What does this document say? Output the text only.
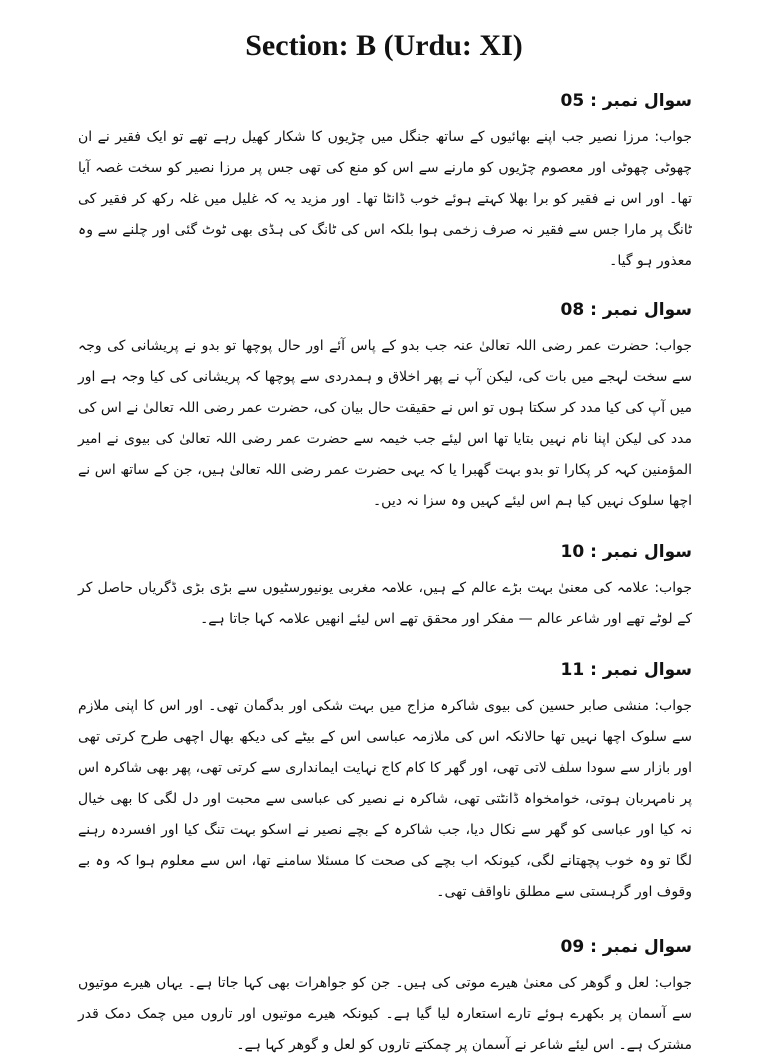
Section: B (Urdu: XI)

سوال نمبر : 05

جواب: مرزا نصیر جب اپنے بھائیوں کے ساتھ جنگل میں چڑیوں کا شکار کھیل رہے تھے تو ایک فقیر نے ان چھوٹی چھوٹی اور معصوم چڑیوں کو مارنے سے اس کو منع کی تھی جس پر مرزا نصیر کو سخت غصہ آیا تھا۔ اور اس نے فقیر کو برا بھلا کہتے ہوئے خوب ڈانٹا تھا۔ اور مزید یہ کہ غلیل میں غلہ رکھ کر فقیر کی ٹانگ پر مارا جس سے فقیر نہ صرف زخمی ہوا بلکہ اس کی ٹانگ کی ہڈی بھی ٹوٹ گئی اور چلنے سے وہ معذور ہو گیا۔

سوال نمبر : 08

جواب: حضرت عمر رضی اللہ تعالیٰ عنہ جب بدو کے پاس آئے اور حال پوچھا تو بدو نے پریشانی کی وجہ سے سخت لہجے میں بات کی، لیکن آپ نے پھر اخلاق و ہمدردی سے پوچھا کہ پریشانی کی کیا وجہ ہے اور میں آپ کی کیا مدد کر سکتا ہوں تو اس نے حقیقت حال بیان کی، حضرت عمر رضی اللہ تعالیٰ نے اس کی مدد کی لیکن اپنا نام نہیں بتایا تھا اس لیئے جب خیمہ سے حضرت عمر رضی اللہ تعالیٰ کی بیوی نے امیر المؤمنین کہہ کر پکارا تو بدو بہت گھبرا یا کہ یہی حضرت عمر رضی اللہ تعالیٰ ہیں، جن کے ساتھ اس نے اچھا سلوک نہیں کیا ہم اس لیئے کہیں وہ سزا نہ دیں۔

سوال نمبر : 10

جواب: علامہ کی معنیٰ بہت بڑے عالم کے ہیں، علامہ مغربی یونیورسٹیوں سے بڑی بڑی ڈگریاں حاصل کر کے لوٹے تھے اور شاعر عالم — مفکر اور محقق تھے اس لیئے انھیں علامہ کہا جاتا ہے۔

سوال نمبر : 11

جواب: منشی صابر حسین کی بیوی شاکرہ مزاج میں بہت شکی اور بدگمان تھی۔ اور اس کا اپنی ملازم سے سلوک اچھا نہیں تھا حالانکہ اس کی ملازمہ عباسی اس کے بیٹے کی دیکھ بھال اچھی طرح کرتی تھی اور بازار سے سودا سلف لاتی تھی، اور گھر کا کام کاج نہایت ایمانداری سے کرتی تھی، پھر بھی شاکرہ اس پر نامہربان ہوتی، خوامخواہ ڈانٹتی تھی، شاکرہ نے نصیر کی عباسی سے محبت اور دل لگی کا بھی خیال نہ کیا اور عباسی کو گھر سے نکال دیا، جب شاکرہ کے بچے نصیر نے اسکو بہت تنگ کیا اور افسردہ رہنے لگا تو وہ خوب پچھتانے لگی، کیونکہ اب بچے کی صحت کا مسئلا سامنے تھا، اس سے معلوم ہوا کہ وہ بے وقوف اور گرہستی سے مطلق ناواقف تھی۔

سوال نمبر : 09

جواب: لعل و گوھر کی معنیٰ ھیرے موتی کی ہیں۔ جن کو جواھرات بھی کہا جاتا ہے۔ یہاں ھیرے موتیوں سے آسمان پر بکھرے ہوئے تارے استعارہ لیا گیا ہے۔ کیونکہ ھیرے موتیوں اور تاروں میں چمک دمک قدر مشترک ہے۔ اس لیئے شاعر نے آسمان پر چمکتے تاروں کو لعل و گوھر کہا ہے۔
